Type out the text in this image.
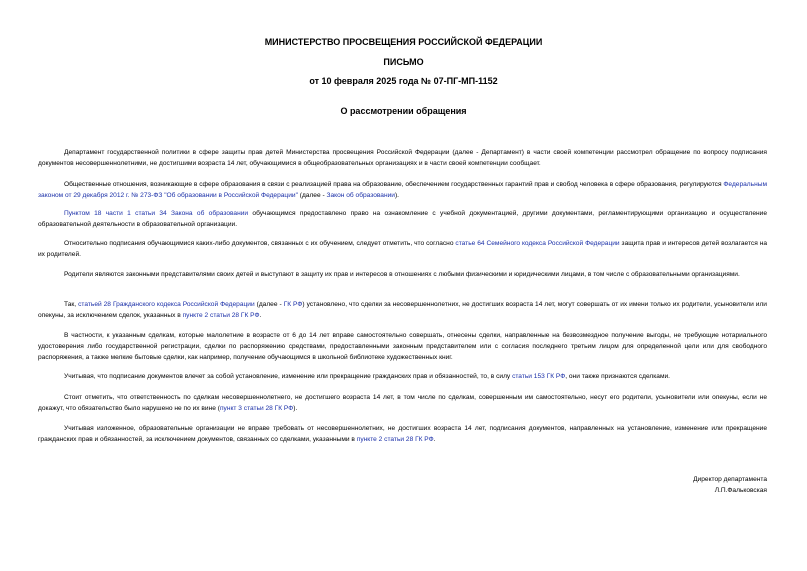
МИНИСТЕРСТВО ПРОСВЕЩЕНИЯ РОССИЙСКОЙ ФЕДЕРАЦИИ
ПИСЬМО
от 10 февраля 2025 года № 07-ПГ-МП-1152
О рассмотрении обращения

Департамент государственной политики в сфере защиты прав детей Министерства просвещения Российской Федерации (далее - Департамент) в части своей компетенции рассмотрел обращение по вопросу подписания документов несовершеннолетними, не достигшими возраста 14 лет, обучающимися в общеобразовательных организациях и в части своей компетенции сообщает.

Общественные отношения, возникающие в сфере образования в связи с реализацией права на образование, обеспечением государственных гарантий прав и свобод человека в сфере образования, регулируются Федеральным законом от 29 декабря 2012 г. № 273-ФЗ "Об образовании в Российской Федерации" (далее - Закон об образовании).

Пунктом 18 части 1 статьи 34 Закона об образовании обучающимся предоставлено право на ознакомление с учебной документацией, другими документами, регламентирующими организацию и осуществление образовательной деятельности в образовательной организации.

Относительно подписания обучающимися каких-либо документов, связанных с их обучением, следует отметить, что согласно статье 64 Семейного кодекса Российской Федерации защита прав и интересов детей возлагается на их родителей.

Родители являются законными представителями своих детей и выступают в защиту их прав и интересов в отношениях с любыми физическими и юридическими лицами, в том числе с образовательными организациями.

Так, статьей 28 Гражданского кодекса Российской Федерации (далее - ГК РФ) установлено, что сделки за несовершеннолетних, не достигших возраста 14 лет, могут совершать от их имени только их родители, усыновители или опекуны, за исключением сделок, указанных в пункте 2 статьи 28 ГК РФ.

В частности, к указанным сделкам, которые малолетние в возрасте от 6 до 14 лет вправе самостоятельно совершать, отнесены сделки, направленные на безвозмездное получение выгоды, не требующие нотариального удостоверения либо государственной регистрации, сделки по распоряжению средствами, предоставленными законным представителем или с согласия последнего третьим лицом для определенной цели или для свободного распоряжения, а также мелкие бытовые сделки, как например, получение обучающимся в школьной библиотеке художественных книг.

Учитывая, что подписание документов влечет за собой установление, изменение или прекращение гражданских прав и обязанностей, то, в силу статьи 153 ГК РФ, они также признаются сделками.

Стоит отметить, что ответственность по сделкам несовершеннолетнего, не достигшего возраста 14 лет, в том числе по сделкам, совершенным им самостоятельно, несут его родители, усыновители или опекуны, если не докажут, что обязательство было нарушено не по их вине (пункт 3 статьи 28 ГК РФ).

Учитывая изложенное, образовательные организации не вправе требовать от несовершеннолетних, не достигших возраста 14 лет, подписания документов, направленных на установление, изменение или прекращение гражданских прав и обязанностей, за исключением документов, связанных со сделками, указанными в пункте 2 статьи 28 ГК РФ.

Директор департамента
Л.П.Фальковская
